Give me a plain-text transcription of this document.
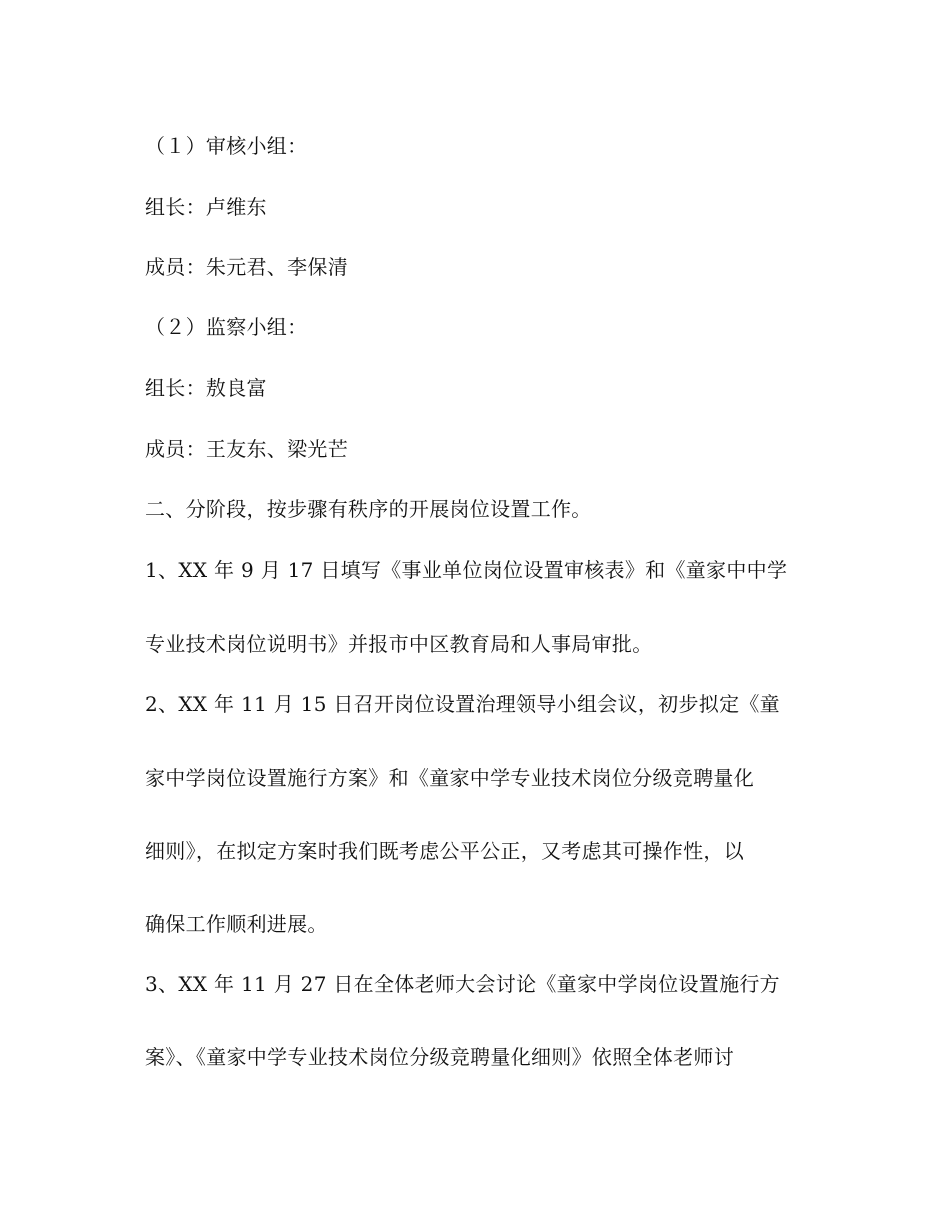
（１）审核小组：
组长：卢维东
成员：朱元君、李保清
（２）监察小组：
组长：敖良富
成员：王友东、梁光芒
二、分阶段，按步骤有秩序的开展岗位设置工作。
1、XX 年 9 月 17 日填写《事业单位岗位设置审核表》和《童家中中学
专业技术岗位说明书》并报市中区教育局和人事局审批。
2、XX 年 11 月 15 日召开岗位设置治理领导小组会议，初步拟定《童
家中学岗位设置施行方案》和《童家中学专业技术岗位分级竞聘量化
细则》，在拟定方案时我们既考虑公平公正，又考虑其可操作性，以
确保工作顺利进展。
3、XX 年 11 月 27 日在全体老师大会讨论《童家中学岗位设置施行方
案》、《童家中学专业技术岗位分级竞聘量化细则》依照全体老师讨
